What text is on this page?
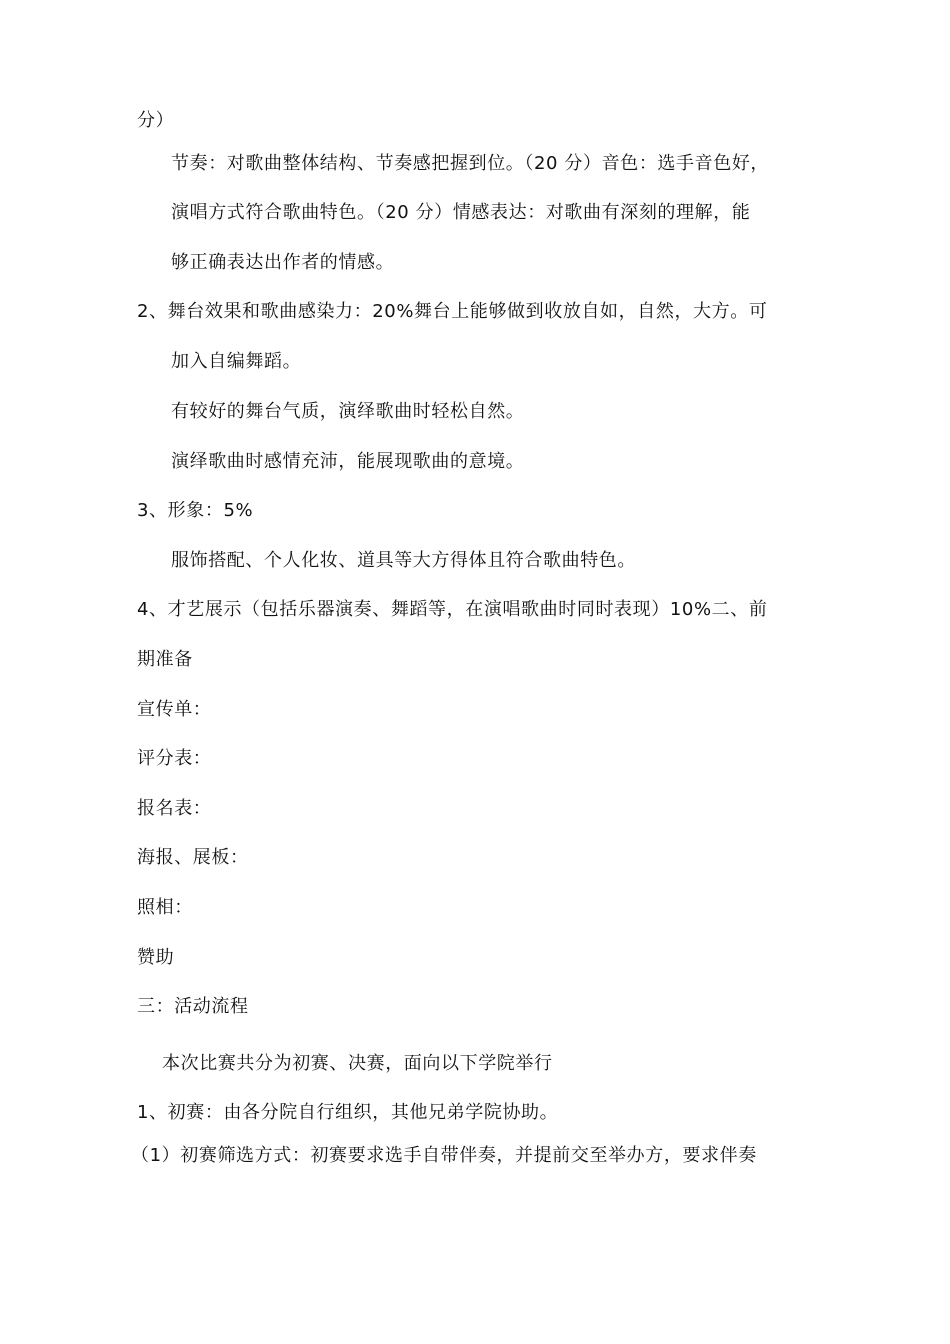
分）
节奏：对歌曲整体结构、节奏感把握到位。（20 分）音色：选手音色好，
演唱方式符合歌曲特色。（20 分）情感表达：对歌曲有深刻的理解，能
够正确表达出作者的情感。
2、舞台效果和歌曲感染力：20%舞台上能够做到收放自如，自然，大方。可
加入自编舞蹈。
有较好的舞台气质，演绎歌曲时轻松自然。
演绎歌曲时感情充沛，能展现歌曲的意境。
3、形象：5%
服饰搭配、个人化妆、道具等大方得体且符合歌曲特色。
4、才艺展示（包括乐器演奏、舞蹈等，在演唱歌曲时同时表现）10%二、前
期准备
宣传单：
评分表：
报名表：
海报、展板：
照相：
赞助
三：活动流程
本次比赛共分为初赛、决赛，面向以下学院举行
1、初赛：由各分院自行组织，其他兄弟学院协助。
（1）初赛筛选方式：初赛要求选手自带伴奏，并提前交至举办方，要求伴奏
